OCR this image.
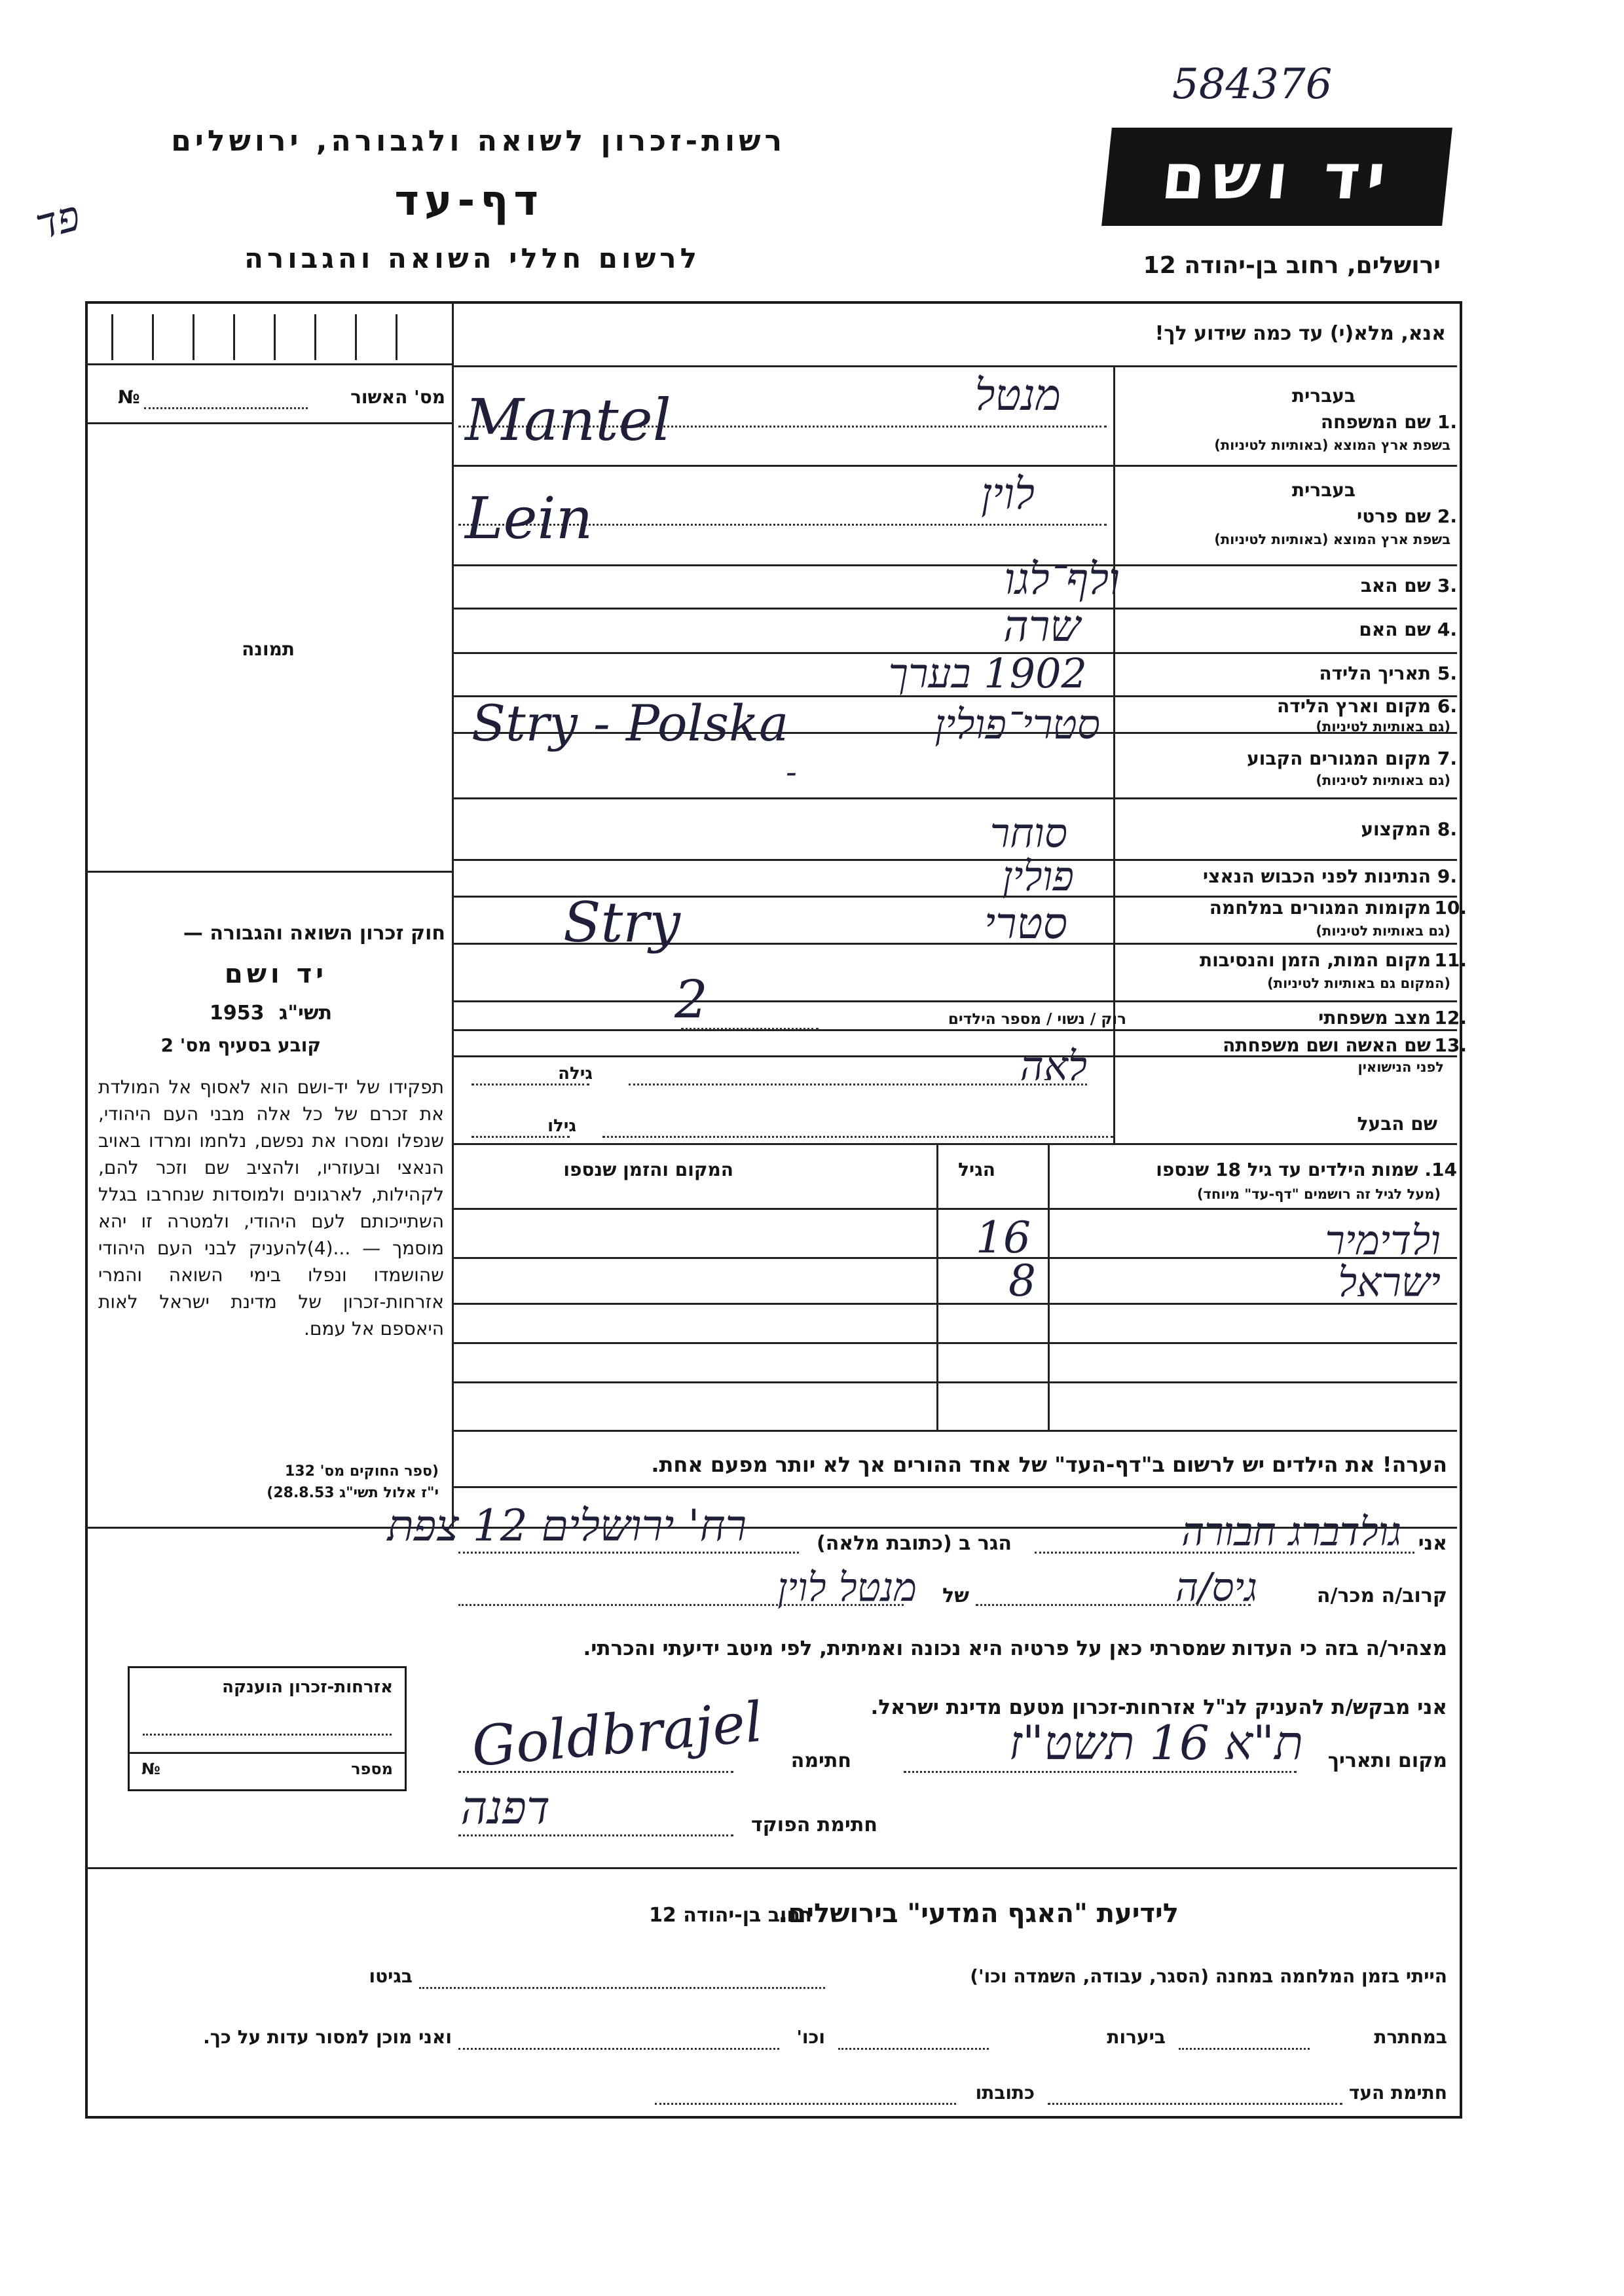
584376
פד
רשות-זכרון לשואה ולגבורה, ירושלים
דף-עד
לרשום חללי השואה והגבורה
יד ושם
ירושלים, רחוב בן-יהודה 12
אנא, מלא(י) עד כמה שידוע לך!
№	מס' האשור
תמונה
חוק זכרון השואה והגבורה —
יד ושם
1953 תשי"ג
קובע בסעיף מס' 2
תפקידו של יד-ושם הוא לאסוף אל המולדת את זכרם של כל אלה מבני העם היהודי, שנפלו ומסרו את נפשם, נלחמו ומרדו באויב הנאצי ובעוזריו, ולהציב שם וזכר להם, לקהילות, לארגונים ולמוסדות שנחרבו בגלל השתייכותם לעם היהודי, ולמטרה זו יהא מוסמך — ...(4)להעניק לבני העם היהודי שהושמדו ונפלו בימי השואה והמרי אזרחות-זכרון של מדינת ישראל לאות היאספם אל עמם.
(ספר החוקים מס' 132
י"ז אלול תשי"ג 28.8.53)
בעברית
1.
שם המשפחה
בשפת ארץ המוצא (באותיות לטיניות)
מנטל
Mantel
בעברית
2.
שם פרטי
בשפת ארץ המוצא (באותיות לטיניות)
לוין
Lein
3.
שם האב
ולף־לגו
4.
שם האם
שרה
5.
תאריך הלידה
1902 בערך
6.
מקום וארץ הלידה
(גם באותיות לטיניות)
סטרי־פולין
Stry - Polska
7.
מקום המגורים הקבוע
(גם באותיות לטיניות)
-
8.
המקצוע
סוחר
9.
הנתינות לפני הכבוש הנאצי
פולין
10.
מקומות המגורים במלחמה
(גם באותיות לטיניות)
סטרי
Stry
11.
מקום המות, הזמן והנסיבות
(המקום גם באותיות לטיניות)
12.
מצב משפחתי
רוק / נשוי / מספר הילדים
2
13.
שם האשה ושם משפחתה
לפני הנישואין
לאה
גילה
שם הבעל
גילו
14. שמות הילדים עד גיל 18 שנספו
(מעל לגיל זה רושמים "דף-עד" מיוחד)
הגיל
המקום והזמן שנספו
ולדימיר
16
ישראל
8
הערה! את הילדים יש לרשום ב"דף-העד" של אחד ההורים אך לא יותר מפעם אחת.
אני
גולדברג חבורה
הגר ב (כתובת מלאה)
רח' ירושלים 12 צפת
קרוב/ה מכר/ה
גיס/ה
של
מנטל לוין
מצהיר/ה בזה כי העדות שמסרתי כאן על פרטיה היא נכונה ואמיתית, לפי מיטב ידיעתי והכרתי.
אני מבקש/ת להעניק לנ"ל אזרחות-זכרון מטעם מדינת ישראל.
מקום ותאריך
ת"א 16 תשט"ז
חתימה
Goldbrajel
חתימת הפוקד
דפנה
אזרחות-זכרון הוענקה
№	מספר
לידיעת "האגף המדעי" בירושלים.
רחוב בן-יהודה 12
הייתי בזמן המלחמה במחנה (הסגר, עבודה, השמדה וכו')
בגיטו
במחתרת
ביערות
וכו'
ואני מוכן למסור עדות על כך.
חתימת העד
כתובתו
